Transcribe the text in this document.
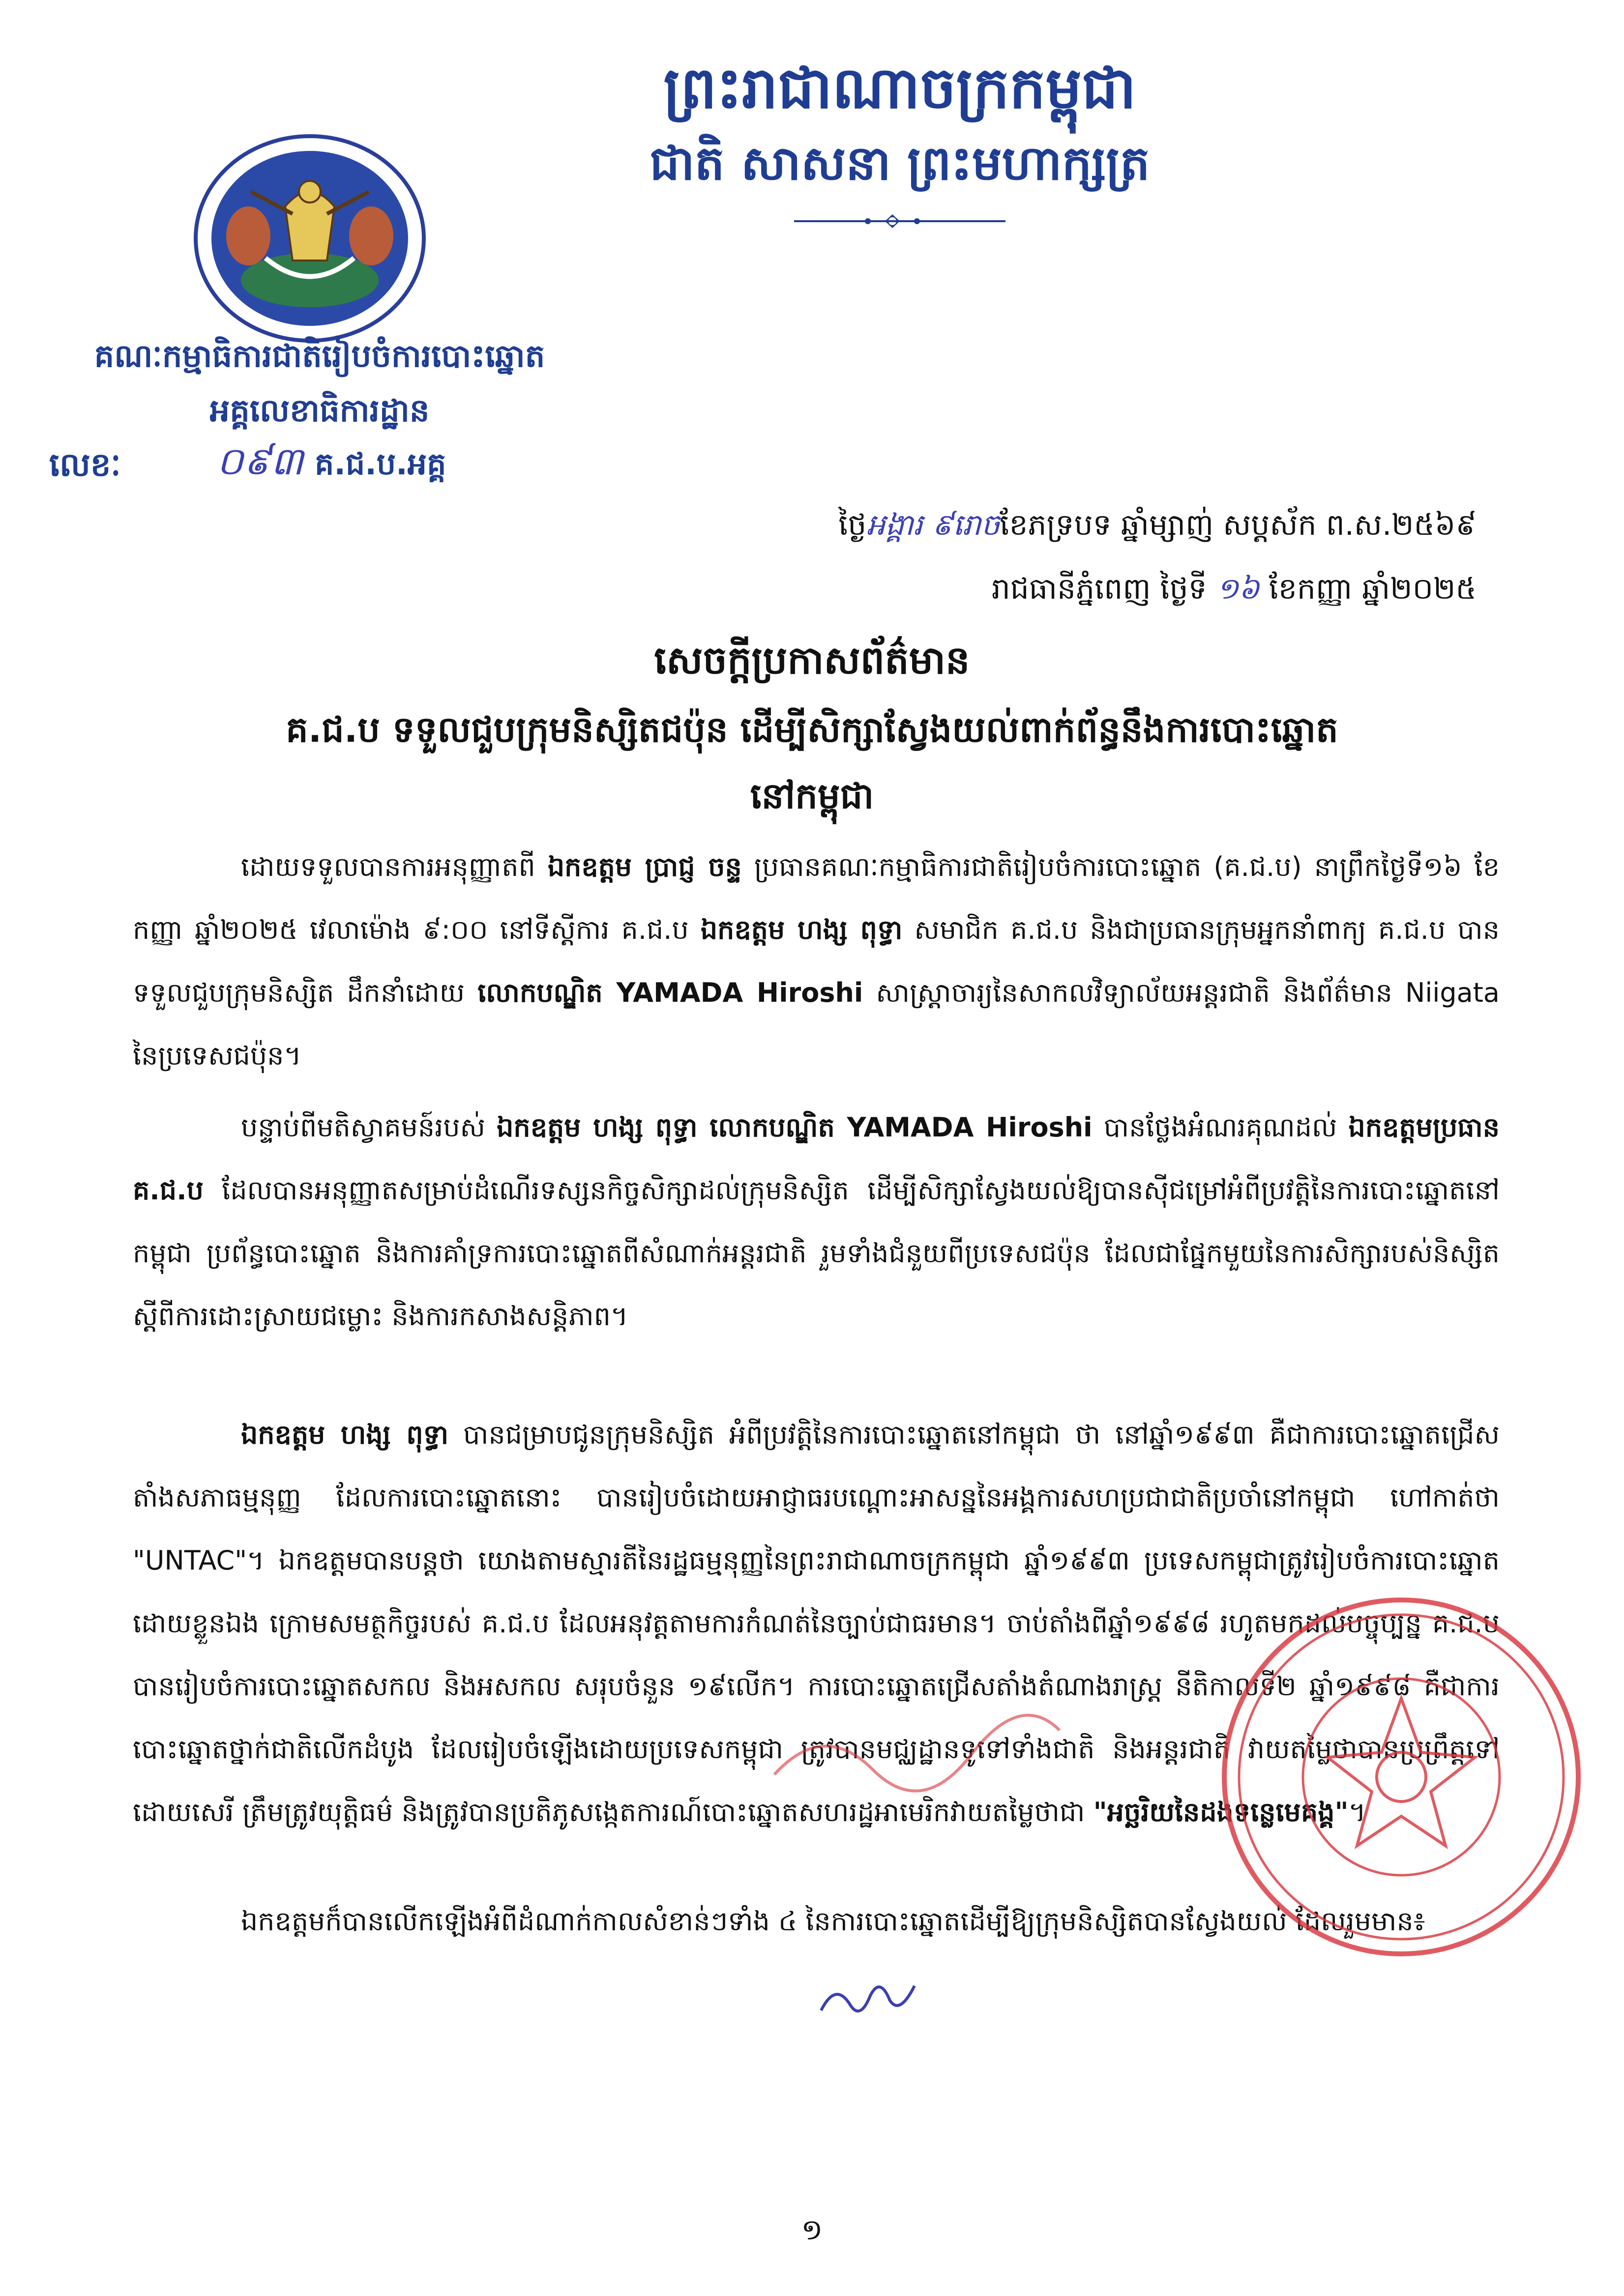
ព្រះរាជាណាចក្រកម្ពុជា
ជាតិ សាសនា ព្រះមហាក្សត្រ
គណៈកម្មាធិការជាតិរៀបចំការបោះឆ្នោត
អគ្គលេខាធិការដ្ឋាន
លេខៈ ០៩៣ គ.ជ.ប.អគ្គ
ថ្ងៃអង្គារ ៩រោចខែភទ្របទ ឆ្នាំម្សាញ់ សប្តស័ក ព.ស.២៥៦៩
រាជធានីភ្នំពេញ ថ្ងៃទី ១៦ ខែកញ្ញា ឆ្នាំ២០២៥
សេចក្តីប្រកាសព័ត៌មាន
គ.ជ.ប ទទួលជួបក្រុមនិស្សិតជប៉ុន ដើម្បីសិក្សាស្វែងយល់ពាក់ព័ន្ធនឹងការបោះឆ្នោត
នៅកម្ពុជា
ដោយទទួលបានការអនុញ្ញាតពី ឯកឧត្តម ប្រាជ្ញ ចន្ទ ប្រធានគណៈកម្មាធិការជាតិរៀបចំការបោះឆ្នោត (គ.ជ.ប) នាព្រឹកថ្ងៃទី១៦ ខែកញ្ញា ឆ្នាំ២០២៥ វេលាម៉ោង ៩:០០ នៅទីស្តីការ គ.ជ.ប ឯកឧត្តម ហង្ស ពុទ្ធា សមាជិក គ.ជ.ប និងជាប្រធានក្រុមអ្នកនាំពាក្យ គ.ជ.ប បានទទួលជួបក្រុមនិស្សិត ដឹកនាំដោយ លោកបណ្ឌិត YAMADA Hiroshi សាស្ត្រាចារ្យនៃសាកលវិទ្យាល័យអន្តរជាតិ និងព័ត៌មាន Niigata នៃប្រទេសជប៉ុន។
បន្ទាប់ពីមតិស្វាគមន៍របស់ ឯកឧត្តម ហង្ស ពុទ្ធា លោកបណ្ឌិត YAMADA Hiroshi បានថ្លែងអំណរគុណដល់ ឯកឧត្តមប្រធាន គ.ជ.ប ដែលបានអនុញ្ញាតសម្រាប់ដំណើរទស្សនកិច្ចសិក្សាដល់ក្រុមនិស្សិត ដើម្បីសិក្សាស្វែងយល់ឱ្យបានស៊ីជម្រៅអំពីប្រវត្តិនៃការបោះឆ្នោតនៅកម្ពុជា ប្រព័ន្ធបោះឆ្នោត និងការគាំទ្រការបោះឆ្នោតពីសំណាក់អន្តរជាតិ រួមទាំងជំនួយពីប្រទេសជប៉ុន ដែលជាផ្នែកមួយនៃការសិក្សារបស់និស្សិតស្តីពីការដោះស្រាយជម្លោះ និងការកសាងសន្តិភាព។
ឯកឧត្តម ហង្ស ពុទ្ធា បានជម្រាបជូនក្រុមនិស្សិត អំពីប្រវត្តិនៃការបោះឆ្នោតនៅកម្ពុជា ថា នៅឆ្នាំ១៩៩៣ គឺជាការបោះឆ្នោតជ្រើសតាំងសភាធម្មនុញ្ញ ដែលការបោះឆ្នោតនោះ បានរៀបចំដោយអាជ្ញាធរបណ្តោះអាសន្ននៃអង្គការសហប្រជាជាតិប្រចាំនៅកម្ពុជា ហៅកាត់ថា "UNTAC"។ ឯកឧត្តមបានបន្តថា យោងតាមស្មារតីនៃរដ្ឋធម្មនុញ្ញនៃព្រះរាជាណាចក្រកម្ពុជា ឆ្នាំ១៩៩៣ ប្រទេសកម្ពុជាត្រូវរៀបចំការបោះឆ្នោតដោយខ្លួនឯង ក្រោមសមត្ថកិច្ចរបស់ គ.ជ.ប ដែលអនុវត្តតាមការកំណត់នៃច្បាប់ជាធរមាន។ ចាប់តាំងពីឆ្នាំ១៩៩៨ រហូតមកដល់បច្ចុប្បន្ន គ.ជ.ប បានរៀបចំការបោះឆ្នោតសកល និងអសកល សរុបចំនួន ១៩លើក។ ការបោះឆ្នោតជ្រើសតាំងតំណាងរាស្ត្រ នីតិកាលទី២ ឆ្នាំ១៩៩៨ គឺជាការបោះឆ្នោតថ្នាក់ជាតិលើកដំបូង ដែលរៀបចំឡើងដោយប្រទេសកម្ពុជា ត្រូវបានមជ្ឈដ្ឋានទូទៅទាំងជាតិ និងអន្តរជាតិ វាយតម្លៃថាបានប្រព្រឹត្តទៅដោយសេរី ត្រឹមត្រូវយុត្តិធម៌ និងត្រូវបានប្រតិភូសង្កេតការណ៍បោះឆ្នោតសហរដ្ឋអាមេរិកវាយតម្លៃថាជា "អច្ឆរិយនៃដងទន្លេមេគង្គ"។
ឯកឧត្តមក៏បានលើកឡើងអំពីដំណាក់កាលសំខាន់ៗទាំង ៤ នៃការបោះឆ្នោតដើម្បីឱ្យក្រុមនិស្សិតបានស្វែងយល់ ដែលរួមមាន៖
១
